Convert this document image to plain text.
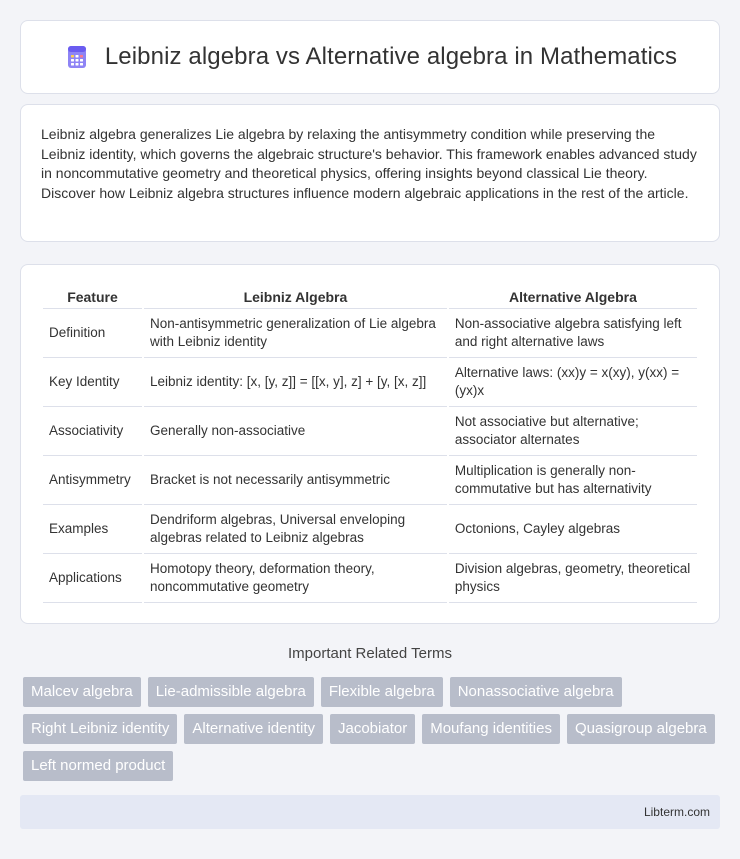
Leibniz algebra vs Alternative algebra in Mathematics

Leibniz algebra generalizes Lie algebra by relaxing the antisymmetry condition while preserving the Leibniz identity, which governs the algebraic structure's behavior. This framework enables advanced study in noncommutative geometry and theoretical physics, offering insights beyond classical Lie theory. Discover how Leibniz algebra structures influence modern algebraic applications in the rest of the article.

Feature	Leibniz Algebra	Alternative Algebra
Definition	Non-antisymmetric generalization of Lie algebra with Leibniz identity	Non-associative algebra satisfying left and right alternative laws
Key Identity	Leibniz identity: [x, [y, z]] = [[x, y], z] + [y, [x, z]]	Alternative laws: (xx)y = x(xy), y(xx) = (yx)x
Associativity	Generally non-associative	Not associative but alternative; associator alternates
Antisymmetry	Bracket is not necessarily antisymmetric	Multiplication is generally non-commutative but has alternativity
Examples	Dendriform algebras, Universal enveloping algebras related to Leibniz algebras	Octonions, Cayley algebras
Applications	Homotopy theory, deformation theory, noncommutative geometry	Division algebras, geometry, theoretical physics
Important Related Terms
Malcev algebra	Lie-admissible algebra	Flexible algebra	Nonassociative algebra
Right Leibniz identity	Alternative identity	Jacobiator	Moufang identities	Quasigroup algebra
Left normed product
Libterm.com
